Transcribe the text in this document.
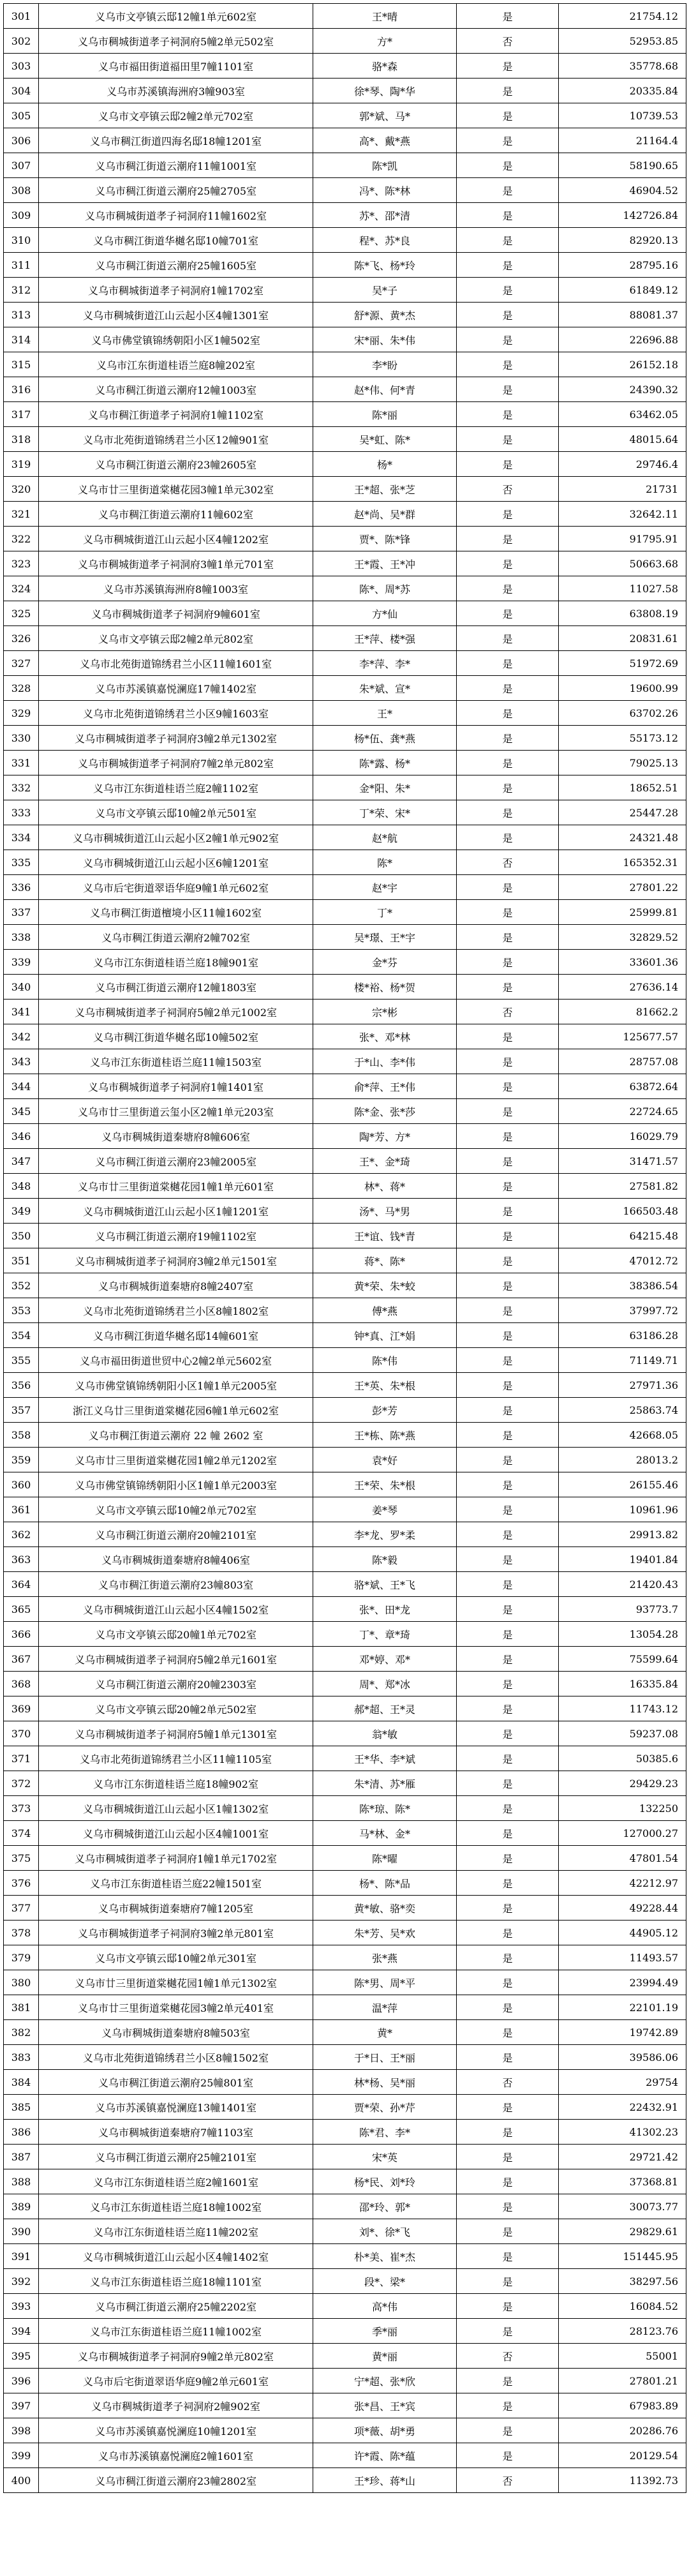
301	义乌市文亭镇云邸12幢1单元602室	王*晴	是	21754.12
302	义乌市稠城街道孝子祠洞府5幢2单元502室	方*	否	52953.85
303	义乌市福田街道福田里7幢1101室	骆*森	是	35778.68
304	义乌市苏溪镇海洲府3幢903室	徐*琴、陶*华	是	20335.84
305	义乌市文亭镇云邸2幢2单元702室	郭*斌、马*	是	10739.53
306	义乌市稠江街道四海名邸18幢1201室	高*、戴*燕	是	21164.4
307	义乌市稠江街道云潮府11幢1001室	陈*凯	是	58190.65
308	义乌市稠江街道云潮府25幢2705室	冯*、陈*林	是	46904.52
309	义乌市稠城街道孝子祠洞府11幢1602室	苏*、邵*清	是	142726.84
310	义乌市稠江街道华樾名邸10幢701室	程*、苏*良	是	82920.13
311	义乌市稠江街道云潮府25幢1605室	陈*飞、杨*玲	是	28795.16
312	义乌市稠城街道孝子祠洞府1幢1702室	吴*子	是	61849.12
313	义乌市稠城街道江山云起小区4幢1301室	舒*源、黄*杰	是	88081.37
314	义乌市佛堂镇锦绣朝阳小区1幢502室	宋*丽、朱*伟	是	22696.88
315	义乌市江东街道桂语兰庭8幢202室	李*盼	是	26152.18
316	义乌市稠江街道云潮府12幢1003室	赵*伟、何*青	是	24390.32
317	义乌市稠江街道孝子祠洞府1幢1102室	陈*丽	是	63462.05
318	义乌市北苑街道锦绣君兰小区12幢901室	吴*虹、陈*	是	48015.64
319	义乌市稠江街道云潮府23幢2605室	杨*	是	29746.4
320	义乌市廿三里街道棠樾花园3幢1单元302室	王*超、张*芝	否	21731
321	义乌市稠江街道云潮府11幢602室	赵*尚、吴*群	是	32642.11
322	义乌市稠城街道江山云起小区4幢1202室	贾*、陈*锋	是	91795.91
323	义乌市稠城街道孝子祠洞府3幢1单元701室	王*霞、王*冲	是	50663.68
324	义乌市苏溪镇海洲府8幢1003室	陈*、周*苏	是	11027.58
325	义乌市稠城街道孝子祠洞府9幢601室	方*仙	是	63808.19
326	义乌市文亭镇云邸2幢2单元802室	王*萍、楼*强	是	20831.61
327	义乌市北苑街道锦绣君兰小区11幢1601室	李*萍、李*	是	51972.69
328	义乌市苏溪镇嘉悦澜庭17幢1402室	朱*斌、宣*	是	19600.99
329	义乌市北苑街道锦绣君兰小区9幢1603室	王*	是	63702.26
330	义乌市稠城街道孝子祠洞府3幢2单元1302室	杨*伍、龚*燕	是	55173.12
331	义乌市稠城街道孝子祠洞府7幢2单元802室	陈*露、杨*	是	79025.13
332	义乌市江东街道桂语兰庭2幢1102室	金*阳、朱*	是	18652.51
333	义乌市文亭镇云邸10幢2单元501室	丁*荣、宋*	是	25447.28
334	义乌市稠城街道江山云起小区2幢1单元902室	赵*航	是	24321.48
335	义乌市稠城街道江山云起小区6幢1201室	陈*	否	165352.31
336	义乌市后宅街道翠语华庭9幢1单元602室	赵*宇	是	27801.22
337	义乌市稠江街道檀境小区11幢1602室	丁*	是	25999.81
338	义乌市稠江街道云潮府2幢702室	吴*璟、王*宇	是	32829.52
339	义乌市江东街道桂语兰庭18幢901室	金*芬	是	33601.36
340	义乌市稠江街道云潮府12幢1803室	楼*裕、杨*贺	是	27636.14
341	义乌市稠城街道孝子祠洞府5幢2单元1002室	宗*彬	否	81662.2
342	义乌市稠江街道华樾名邸10幢502室	张*、邓*林	是	125677.57
343	义乌市江东街道桂语兰庭11幢1503室	于*山、李*伟	是	28757.08
344	义乌市稠城街道孝子祠洞府1幢1401室	俞*萍、王*伟	是	63872.64
345	义乌市廿三里街道云玺小区2幢1单元203室	陈*金、张*莎	是	22724.65
346	义乌市稠城街道秦塘府8幢606室	陶*芳、方*	是	16029.79
347	义乌市稠江街道云潮府23幢2005室	王*、金*琦	是	31471.57
348	义乌市廿三里街道棠樾花园1幢1单元601室	林*、蒋*	是	27581.82
349	义乌市稠城街道江山云起小区1幢1201室	汤*、马*男	是	166503.48
350	义乌市稠江街道云潮府19幢1102室	王*谊、钱*青	是	64215.48
351	义乌市稠城街道孝子祠洞府3幢2单元1501室	蒋*、陈*	是	47012.72
352	义乌市稠城街道秦塘府8幢2407室	黄*荣、朱*蛟	是	38386.54
353	义乌市北苑街道锦绣君兰小区8幢1802室	傅*燕	是	37997.72
354	义乌市稠江街道华樾名邸14幢601室	钟*真、江*娟	是	63186.28
355	义乌市福田街道世贸中心2幢2单元5602室	陈*伟	是	71149.71
356	义乌市佛堂镇锦绣朝阳小区1幢1单元2005室	王*英、朱*根	是	27971.36
357	浙江义乌廿三里街道棠樾花园6幢1单元602室	彭*芳	是	25863.74
358	义乌市稠江街道云潮府 22 幢 2602 室	王*栋、陈*燕	是	42668.05
359	义乌市廿三里街道棠樾花园1幢2单元1202室	袁*好	是	28013.2
360	义乌市佛堂镇锦绣朝阳小区1幢1单元2003室	王*荣、朱*根	是	26155.46
361	义乌市文亭镇云邸10幢2单元702室	姜*琴	是	10961.96
362	义乌市稠江街道云潮府20幢2101室	李*龙、罗*柔	是	29913.82
363	义乌市稠城街道秦塘府8幢406室	陈*毅	是	19401.84
364	义乌市稠江街道云潮府23幢803室	骆*斌、王*飞	是	21420.43
365	义乌市稠城街道江山云起小区4幢1502室	张*、田*龙	是	93773.7
366	义乌市文亭镇云邸20幢1单元702室	丁*、章*琦	是	13054.28
367	义乌市稠城街道孝子祠洞府5幢2单元1601室	邓*婷、邓*	是	75599.64
368	义乌市稠江街道云潮府20幢2303室	周*、郑*冰	是	16335.84
369	义乌市文亭镇云邸20幢2单元502室	郝*超、王*灵	是	11743.12
370	义乌市稠城街道孝子祠洞府5幢1单元1301室	翁*敏	是	59237.08
371	义乌市北苑街道锦绣君兰小区11幢1105室	王*华、李*斌	是	50385.6
372	义乌市江东街道桂语兰庭18幢902室	朱*清、苏*雁	是	29429.23
373	义乌市稠城街道江山云起小区1幢1302室	陈*琼、陈*	是	132250
374	义乌市稠城街道江山云起小区4幢1001室	马*林、金*	是	127000.27
375	义乌市稠城街道孝子祠洞府1幢1单元1702室	陈*曜	是	47801.54
376	义乌市江东街道桂语兰庭22幢1501室	杨*、陈*品	是	42212.97
377	义乌市稠城街道秦塘府7幢1205室	黄*敏、骆*奕	是	49228.44
378	义乌市稠城街道孝子祠洞府3幢2单元801室	朱*芳、吴*欢	是	44905.12
379	义乌市文亭镇云邸10幢2单元301室	张*燕	是	11493.57
380	义乌市廿三里街道棠樾花园1幢1单元1302室	陈*男、周*平	是	23994.49
381	义乌市廿三里街道棠樾花园3幢2单元401室	温*萍	是	22101.19
382	义乌市稠城街道秦塘府8幢503室	黄*	是	19742.89
383	义乌市北苑街道锦绣君兰小区8幢1502室	于*日、王*丽	是	39586.06
384	义乌市稠江街道云潮府25幢801室	林*杨、吴*丽	否	29754
385	义乌市苏溪镇嘉悦澜庭13幢1401室	贾*荣、孙*芹	是	22432.91
386	义乌市稠城街道秦塘府7幢1103室	陈*君、李*	是	41302.23
387	义乌市稠江街道云潮府25幢2101室	宋*英	是	29721.42
388	义乌市江东街道桂语兰庭2幢1601室	杨*民、刘*玲	是	37368.81
389	义乌市江东街道桂语兰庭18幢1002室	邵*玲、郭*	是	30073.77
390	义乌市江东街道桂语兰庭11幢202室	刘*、徐*飞	是	29829.61
391	义乌市稠城街道江山云起小区4幢1402室	朴*美、崔*杰	是	151445.95
392	义乌市江东街道桂语兰庭18幢1101室	段*、梁*	是	38297.56
393	义乌市稠江街道云潮府25幢2202室	高*伟	是	16084.52
394	义乌市江东街道桂语兰庭11幢1002室	季*丽	是	28123.76
395	义乌市稠城街道孝子祠洞府9幢2单元802室	黄*丽	否	55001
396	义乌市后宅街道翠语华庭9幢2单元601室	宁*超、张*欣	是	27801.21
397	义乌市稠城街道孝子祠洞府2幢902室	张*昌、王*宾	是	67983.89
398	义乌市苏溪镇嘉悦澜庭10幢1201室	项*薇、胡*勇	是	20286.76
399	义乌市苏溪镇嘉悦澜庭2幢1601室	许*霞、陈*蕴	是	20129.54
400	义乌市稠江街道云潮府23幢2802室	王*珍、蒋*山	否	11392.73
